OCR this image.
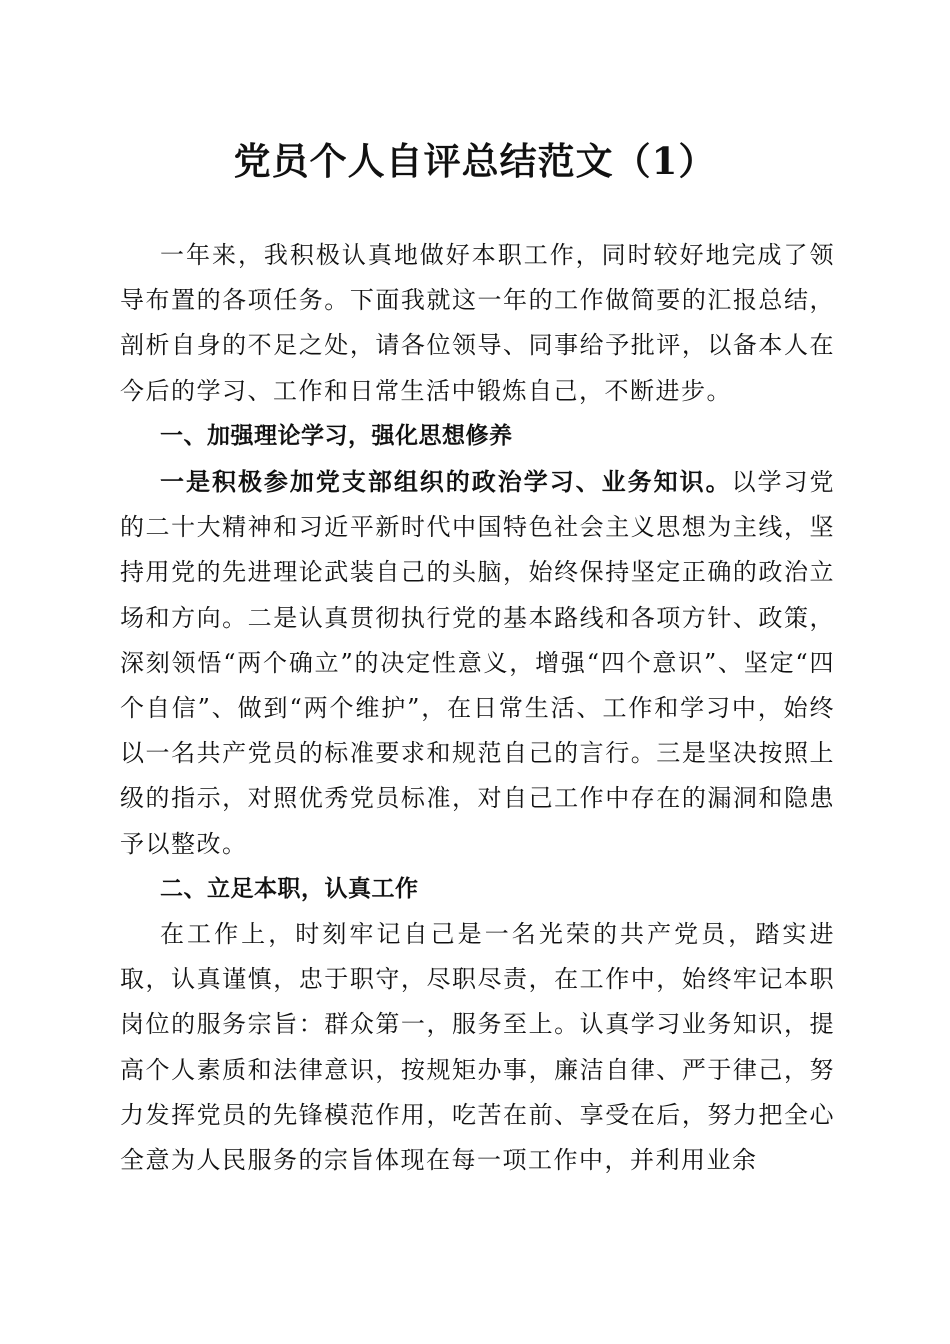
党员个人自评总结范文（1）

一年来，我积极认真地做好本职工作，同时较好地完成了领导布置的各项任务。下面我就这一年的工作做简要的汇报总结，剖析自身的不足之处，请各位领导、同事给予批评，以备本人在今后的学习、工作和日常生活中锻炼自己，不断进步。

一、加强理论学习，强化思想修养

一是积极参加党支部组织的政治学习、业务知识。以学习党的二十大精神和习近平新时代中国特色社会主义思想为主线，坚持用党的先进理论武装自己的头脑，始终保持坚定正确的政治立场和方向。二是认真贯彻执行党的基本路线和各项方针、政策，深刻领悟“两个确立”的决定性意义，增强“四个意识”、坚定“四个自信”、做到“两个维护”，在日常生活、工作和学习中，始终以一名共产党员的标准要求和规范自己的言行。三是坚决按照上级的指示，对照优秀党员标准，对自己工作中存在的漏洞和隐患予以整改。

二、立足本职，认真工作

在工作上，时刻牢记自己是一名光荣的共产党员，踏实进取，认真谨慎，忠于职守，尽职尽责，在工作中，始终牢记本职岗位的服务宗旨：群众第一，服务至上。认真学习业务知识，提高个人素质和法律意识，按规矩办事，廉洁自律、严于律己，努力发挥党员的先锋模范作用，吃苦在前、享受在后，努力把全心全意为人民服务的宗旨体现在每一项工作中，并利用业余
